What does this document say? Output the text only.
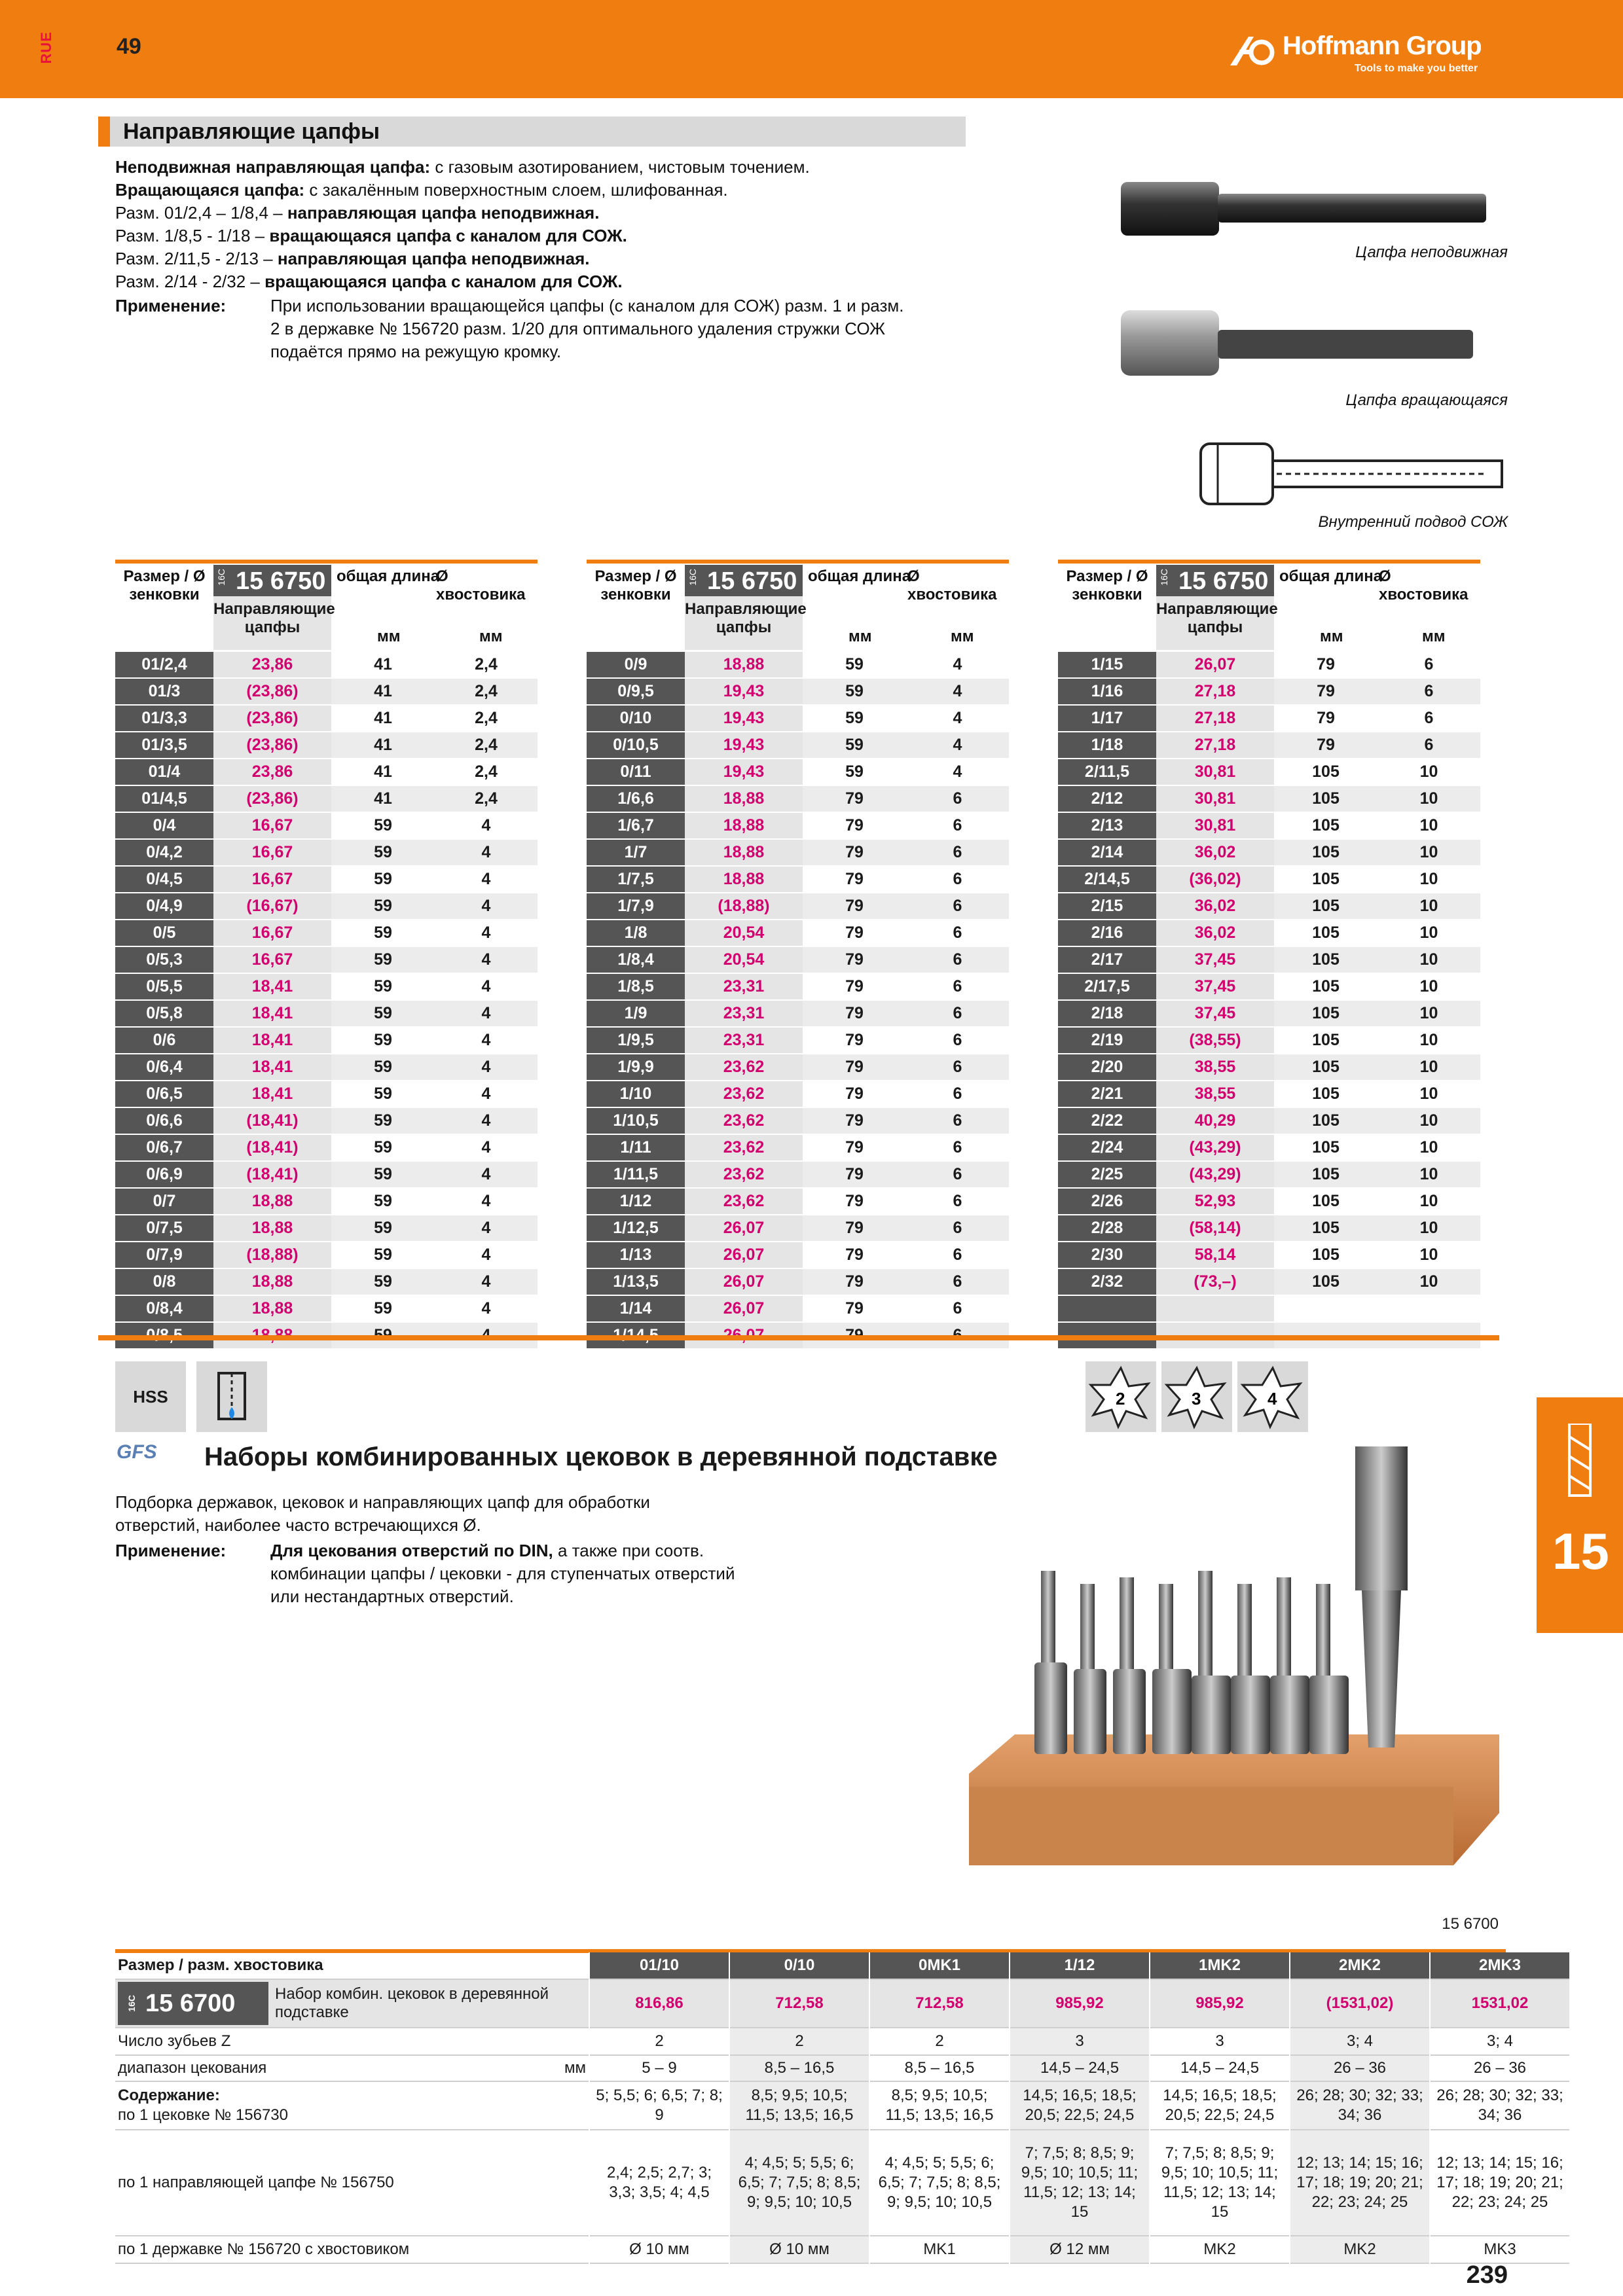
RUE	49	Hoffmann Group
Tools to make you better
Направляющие цапфы
Неподвижная направляющая цапфа: с газовым азотированием, чистовым точением.
Вращающаяся цапфа: с закалённым поверхностным слоем, шлифованная.
Разм. 01/2,4 – 1/8,4 – направляющая цапфа неподвижная.
Разм. 1/8,5 - 1/18 – вращающаяся цапфа с каналом для СОЖ.
Разм. 2/11,5 - 2/13 – направляющая цапфа неподвижная.
Разм. 2/14 - 2/32 – вращающаяся цапфа с каналом для СОЖ.
Применение:	При использовании вращающейся цапфы (с каналом для СОЖ) разм. 1 и разм.
2 в державке № 156720 разм. 1/20 для оптимального удаления стружки СОЖ
подаётся прямо на режущую кромку.
Цапфа неподвижная
Цапфа вращающаяся
Внутренний подвод СОЖ
Размер / Ø
зенковки
16C 15 6750
Направляющие
цапфы
общая длина
Ø хвостовика
мм	мм
01/2,4	23,86	41	2,4
01/3	(23,86)	41	2,4
01/3,3	(23,86)	41	2,4
01/3,5	(23,86)	41	2,4
01/4	23,86	41	2,4
01/4,5	(23,86)	41	2,4
0/4	16,67	59	4
0/4,2	16,67	59	4
0/4,5	16,67	59	4
0/4,9	(16,67)	59	4
0/5	16,67	59	4
0/5,3	16,67	59	4
0/5,5	18,41	59	4
0/5,8	18,41	59	4
0/6	18,41	59	4
0/6,4	18,41	59	4
0/6,5	18,41	59	4
0/6,6	(18,41)	59	4
0/6,7	(18,41)	59	4
0/6,9	(18,41)	59	4
0/7	18,88	59	4
0/7,5	18,88	59	4
0/7,9	(18,88)	59	4
0/8	18,88	59	4
0/8,4	18,88	59	4

Размер / Ø
зенковки
16C 15 6750
Направляющие
цапфы
общая длина
Ø хвостовика
мм	мм
0/9	18,88	59	4
0/9,5	19,43	59	4
0/10	19,43	59	4
0/10,5	19,43	59	4
0/11	19,43	59	4
1/6,6	18,88	79	6
1/6,7	18,88	79	6
1/7	18,88	79	6
1/7,5	18,88	79	6
1/7,9	(18,88)	79	6
1/8	20,54	79	6
1/8,4	20,54	79	6
1/8,5	23,31	79	6
1/9	23,31	79	6
1/9,5	23,31	79	6
1/9,9	23,62	79	6
1/10	23,62	79	6
1/10,5	23,62	79	6
1/11	23,62	79	6
1/11,5	23,62	79	6
1/12	23,62	79	6
1/12,5	26,07	79	6
1/13	26,07	79	6
1/13,5	26,07	79	6
1/14	26,07	79	6

Размер / Ø
зенковки
16C 15 6750
Направляющие
цапфы
общая длина
Ø хвостовика
мм	мм
1/15	26,07	79	6
1/16	27,18	79	6
1/17	27,18	79	6
1/18	27,18	79	6
2/11,5	30,81	105	10
2/12	30,81	105	10
2/13	30,81	105	10
2/14	36,02	105	10
2/14,5	(36,02)	105	10
2/15	36,02	105	10
2/16	36,02	105	10
2/17	37,45	105	10
2/17,5	37,45	105	10
2/18	37,45	105	10
2/19	(38,55)	105	10
2/20	38,55	105	10
2/21	38,55	105	10
2/22	40,29	105	10
2/24	(43,29)	105	10
2/25	(43,29)	105	10
2/26	52,93	105	10
2/28	(58,14)	105	10
2/30	58,14	105	10
2/32	(73,–)	105	10

HSS	2	3	4
GFS Наборы комбинированных цековок в деревянной подставке
Подборка державок, цековок и направляющих цапф для обработки
отверстий, наиболее часто встречающихся Ø.
Применение:	Для цекования отверстий по DIN, а также при соотв.
комбинации цапфы / цековки - для ступенчатых отверстий
или нестандартных отверстий.
15
15 6700
Размер / разм. хвостовика	01/10	0/10	0MK1	1/12	1MK2	2MK2	2MK3

16C 15 6700 Набор комбин. цековок в деревянной
подставке	816,86	712,58	712,58	985,92	985,92	(1531,02)	1531,02
Число зубьев Z	2	2	2	3	3	3; 4	3; 4

диапазон цекования мм	5 – 9	8,5 – 16,5	8,5 – 16,5	14,5 – 24,5	14,5 – 24,5	26 – 36	26 – 36

Содержание:
по 1 цековке № 156730	5; 5,5; 6; 6,5; 7; 8; 9	8,5; 9,5; 10,5; 11,5; 13,5; 16,5	8,5; 9,5; 10,5; 11,5; 13,5; 16,5	14,5; 16,5; 18,5; 20,5; 22,5; 24,5	14,5; 16,5; 18,5; 20,5; 22,5; 24,5	26; 28; 30; 32; 33; 34; 36	26; 28; 30; 32; 33; 34; 36
по 1 направляющей цапфе № 156750	2,4; 2,5; 2,7; 3; 3,3; 3,5; 4; 4,5	4; 4,5; 5; 5,5; 6; 6,5; 7; 7,5; 8; 8,5; 9; 9,5; 10; 10,5	4; 4,5; 5; 5,5; 6; 6,5; 7; 7,5; 8; 8,5; 9; 9,5; 10; 10,5	7; 7,5; 8; 8,5; 9; 9,5; 10; 10,5; 11; 11,5; 12; 13; 14; 15	7; 7,5; 8; 8,5; 9; 9,5; 10; 10,5; 11; 11,5; 12; 13; 14; 15	12; 13; 14; 15; 16; 17; 18; 19; 20; 21; 22; 23; 24; 25	12; 13; 14; 15; 16; 17; 18; 19; 20; 21; 22; 23; 24; 25
по 1 державке № 156720 с хвостовиком	Ø 10 мм	Ø 10 мм	MK1	Ø 12 мм	MK2	MK2	MK3
239
